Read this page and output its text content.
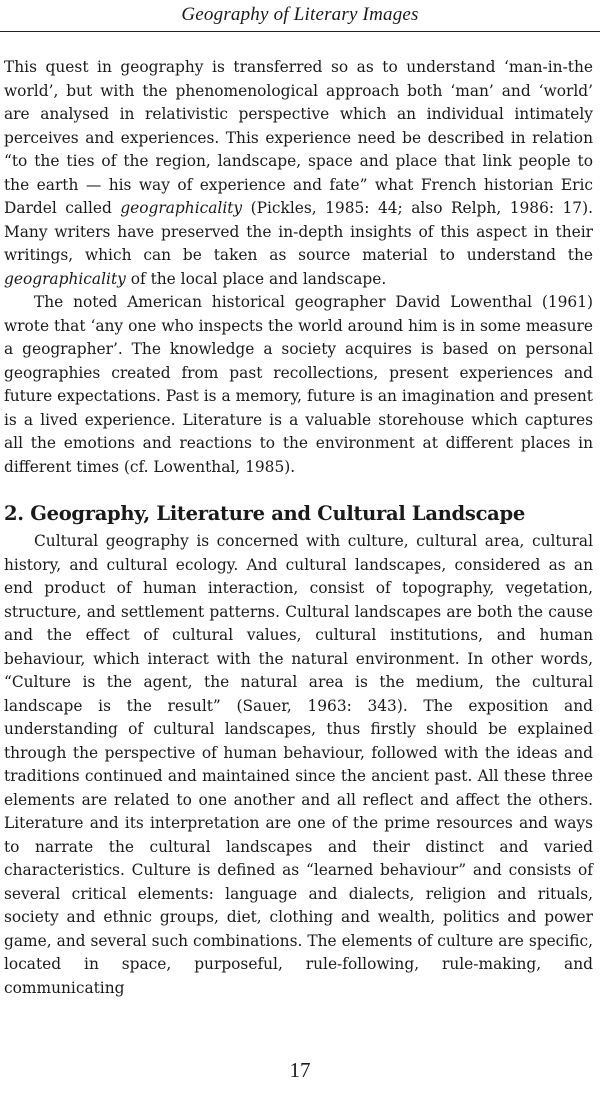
Geography of Literary Images

This quest in geography is transferred so as to understand ‘man-in-the world’, but with the phenomenological approach both ‘man’ and ‘world’ are analysed in relativistic perspective which an individual intimately perceives and experiences. This experience need be described in relation “to the ties of the region, landscape, space and place that link people to the earth — his way of experience and fate” what French historian Eric Dardel called geographicality (Pickles, 1985: 44; also Relph, 1986: 17). Many writers have preserved the in-depth insights of this aspect in their writings, which can be taken as source material to understand the geographicality of the local place and landscape.

The noted American historical geographer David Lowenthal (1961) wrote that ‘any one who inspects the world around him is in some measure a geographer’. The knowledge a society acquires is based on personal geographies created from past recollections, present experiences and future expectations. Past is a memory, future is an imagination and present is a lived experience. Literature is a valuable storehouse which captures all the emotions and reactions to the environment at different places in different times (cf. Lowenthal, 1985).

2. Geography, Literature and Cultural Landscape

Cultural geography is concerned with culture, cultural area, cultural history, and cultural ecology. And cultural landscapes, considered as an end product of human interaction, consist of topography, vegetation, structure, and settlement patterns. Cultural landscapes are both the cause and the effect of cultural values, cultural institutions, and human behaviour, which interact with the natural environment. In other words, “Culture is the agent, the natural area is the medium, the cultural landscape is the result” (Sauer, 1963: 343). The exposition and understanding of cultural landscapes, thus firstly should be explained through the perspective of human behaviour, followed with the ideas and traditions continued and maintained since the ancient past. All these three elements are related to one another and all reflect and affect the others. Literature and its interpretation are one of the prime resources and ways to narrate the cultural landscapes and their distinct and varied characteristics. Culture is defined as “learned behaviour” and consists of several critical elements: language and dialects, religion and rituals, society and ethnic groups, diet, clothing and wealth, politics and power game, and several such combinations. The elements of culture are specific, located in space, purposeful, rule-following, rule-making, and communicating

17
